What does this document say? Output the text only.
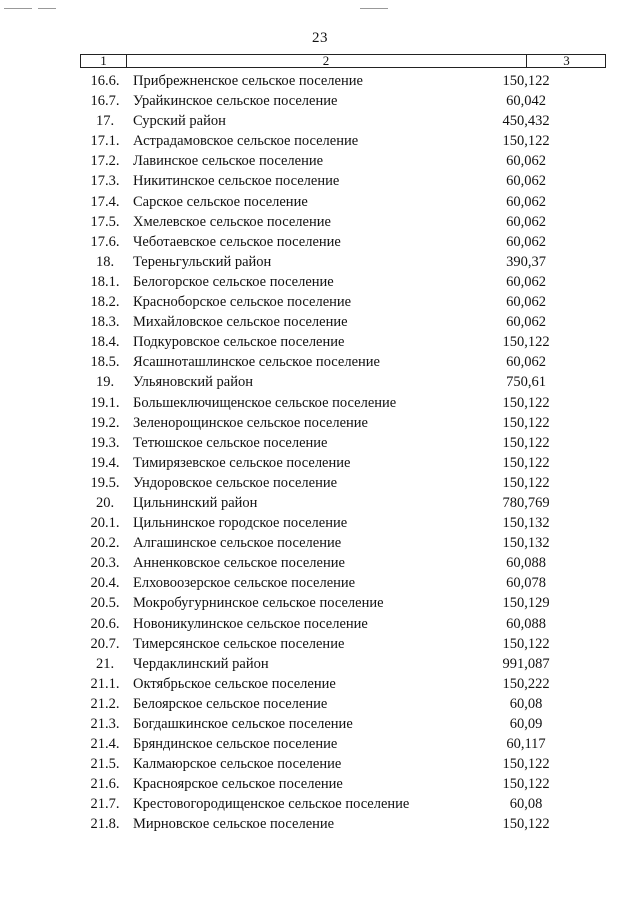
23
1	2	3
16.6. Прибрежненское сельское поселение	150,122
16.7. Урайкинское сельское поселение	60,042
17.	Сурский район	450,432
17.1. Астрадамовское сельское поселение	150,122
17.2. Лавинское сельское поселение	60,062
17.3. Никитинское сельское поселение	60,062
17.4. Сарское сельское поселение	60,062
17.5. Хмелевское сельское поселение	60,062
17.6. Чеботаевское сельское поселение	60,062
18.	Тереньгульский район	390,37
18.1. Белогорское сельское поселение	60,062
18.2. Красноборское сельское поселение	60,062
18.3. Михайловское сельское поселение	60,062
18.4. Подкуровское сельское поселение	150,122
18.5. Ясашноташлинское сельское поселение	60,062
19.	Ульяновский район	750,61
19.1. Большеключищенское сельское поселение	150,122
19.2. Зеленорощинское сельское поселение	150,122
19.3. Тетюшское сельское поселение	150,122
19.4. Тимирязевское сельское поселение	150,122
19.5. Ундоровское сельское поселение	150,122
20.	Цильнинский район	780,769
20.1. Цильнинское городское поселение	150,132
20.2. Алгашинское сельское поселение	150,132
20.3. Анненковское сельское поселение	60,088
20.4. Елховоозерское сельское поселение	60,078
20.5. Мокробугурнинское сельское поселение	150,129
20.6. Новоникулинское сельское поселение	60,088
20.7. Тимерсянское сельское поселение	150,122
21.	Чердаклинский район	991,087
21.1. Октябрьское сельское поселение	150,222
21.2. Белоярское сельское поселение	60,08
21.3. Богдашкинское сельское поселение	60,09
21.4. Бряндинское сельское поселение	60,117
21.5. Калмаюрское сельское поселение	150,122
21.6. Красноярское сельское поселение	150,122
21.7. Крестовогородищенское сельское поселение	60,08
21.8. Мирновское сельское поселение	150,122
